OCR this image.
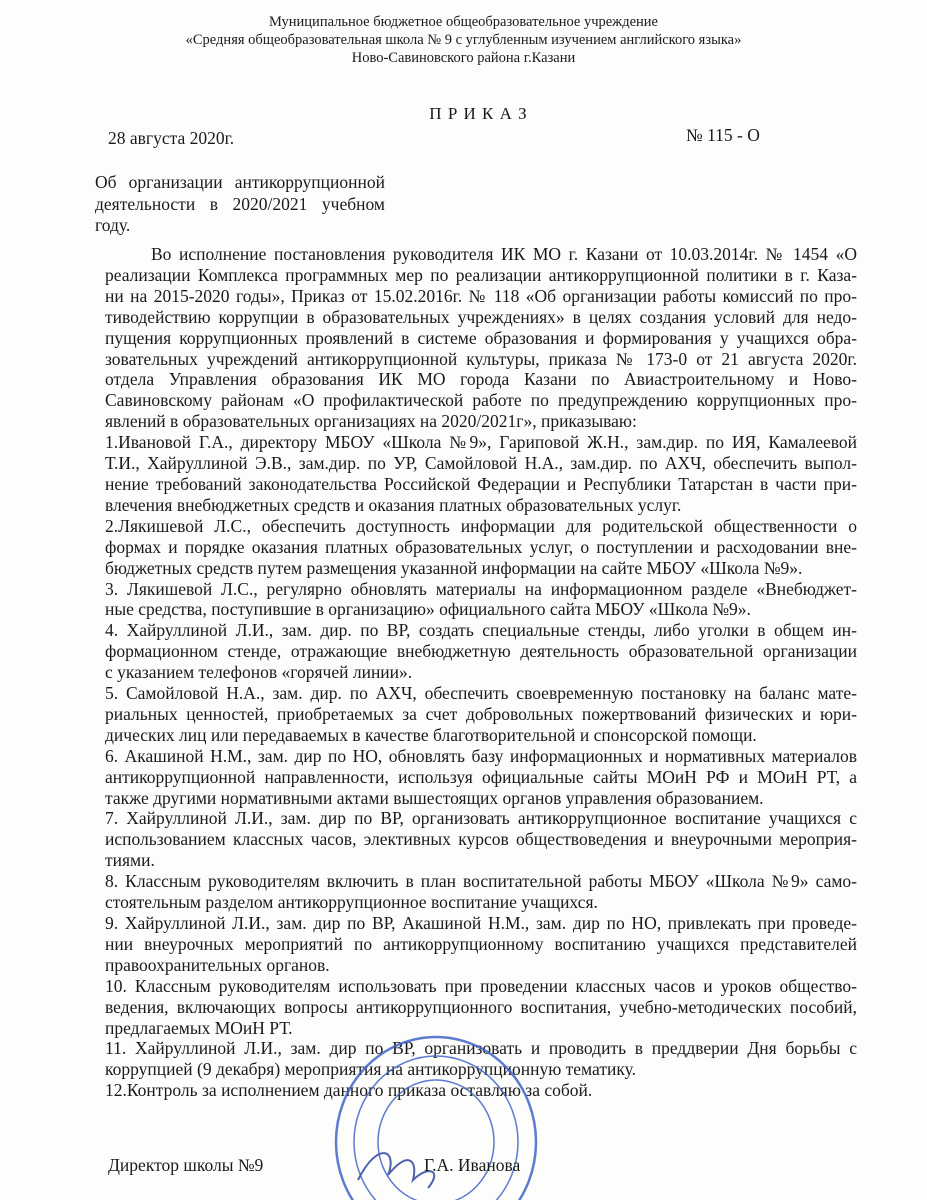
Муниципальное бюджетное общеобразовательное учреждение
«Средняя общеобразовательная школа № 9 с углубленным изучением английского языка»
Ново-Савиновского района г.Казани
П Р И К А З
28 августа 2020г.	№ 115 - О
Об организации антикоррупционной
деятельности в 2020/2021 учебном
году.
Во исполнение постановления руководителя ИК МО г. Казани от 10.03.2014г. № 1454 «О
реализации Комплекса программных мер по реализации антикоррупционной политики в г. Каза-
ни на 2015-2020 годы», Приказ от 15.02.2016г. № 118 «Об организации работы комиссий по про-
тиводействию коррупции в образовательных учреждениях» в целях создания условий для недо-
пущения коррупционных проявлений в системе образования и формирования у учащихся обра-
зовательных учреждений антикоррупционной культуры, приказа № 173-0 от 21 августа 2020г.
отдела Управления образования ИК МО города Казани по Авиастроительному и Ново-
Савиновскому районам «О профилактической работе по предупреждению коррупционных про-
явлений в образовательных организациях на 2020/2021г», приказываю:
1.Ивановой Г.А., директору МБОУ «Школа №9», Гариповой Ж.Н., зам.дир. по ИЯ, Камалеевой
Т.И., Хайруллиной Э.В., зам.дир. по УР, Самойловой Н.А., зам.дир. по АХЧ, обеспечить выпол-
нение требований законодательства Российской Федерации и Республики Татарстан в части при-
влечения внебюджетных средств и оказания платных образовательных услуг.
2.Лякишевой Л.С., обеспечить доступность информации для родительской общественности о
формах и порядке оказания платных образовательных услуг, о поступлении и расходовании вне-
бюджетных средств путем размещения указанной информации на сайте МБОУ «Школа №9».
3. Лякишевой Л.С., регулярно обновлять материалы на информационном разделе «Внебюджет-
ные средства, поступившие в организацию» официального сайта МБОУ «Школа №9».
4. Хайруллиной Л.И., зам. дир. по ВР, создать специальные стенды, либо уголки в общем ин-
формационном стенде, отражающие внебюджетную деятельность образовательной организации
с указанием телефонов «горячей линии».
5. Самойловой Н.А., зам. дир. по АХЧ, обеспечить своевременную постановку на баланс мате-
риальных ценностей, приобретаемых за счет добровольных пожертвований физических и юри-
дических лиц или передаваемых в качестве благотворительной и спонсорской помощи.
6. Акашиной Н.М., зам. дир по НО, обновлять базу информационных и нормативных материалов
антикоррупционной направленности, используя официальные сайты МОиН РФ и МОиН РТ, а
также другими нормативными актами вышестоящих органов управления образованием.
7. Хайруллиной Л.И., зам. дир по ВР, организовать антикоррупционное воспитание учащихся с
использованием классных часов, элективных курсов обществоведения и внеурочными мероприя-
тиями.
8. Классным руководителям включить в план воспитательной работы МБОУ «Школа №9» само-
стоятельным разделом антикоррупционное воспитание учащихся.
9. Хайруллиной Л.И., зам. дир по ВР, Акашиной Н.М., зам. дир по НО, привлекать при проведе-
нии внеурочных мероприятий по антикоррупционному воспитанию учащихся представителей
правоохранительных органов.
10. Классным руководителям использовать при проведении классных часов и уроков общество-
ведения, включающих вопросы антикоррупционного воспитания, учебно-методических пособий,
предлагаемых МОиН РТ.
11. Хайруллиной Л.И., зам. дир по ВР, организовать и проводить в преддверии Дня борьбы с
коррупцией (9 декабря) мероприятия на антикоррупционную тематику.
12.Контроль за исполнением данного приказа оставляю за собой.
Директор школы №9	Г.А. Иванова
